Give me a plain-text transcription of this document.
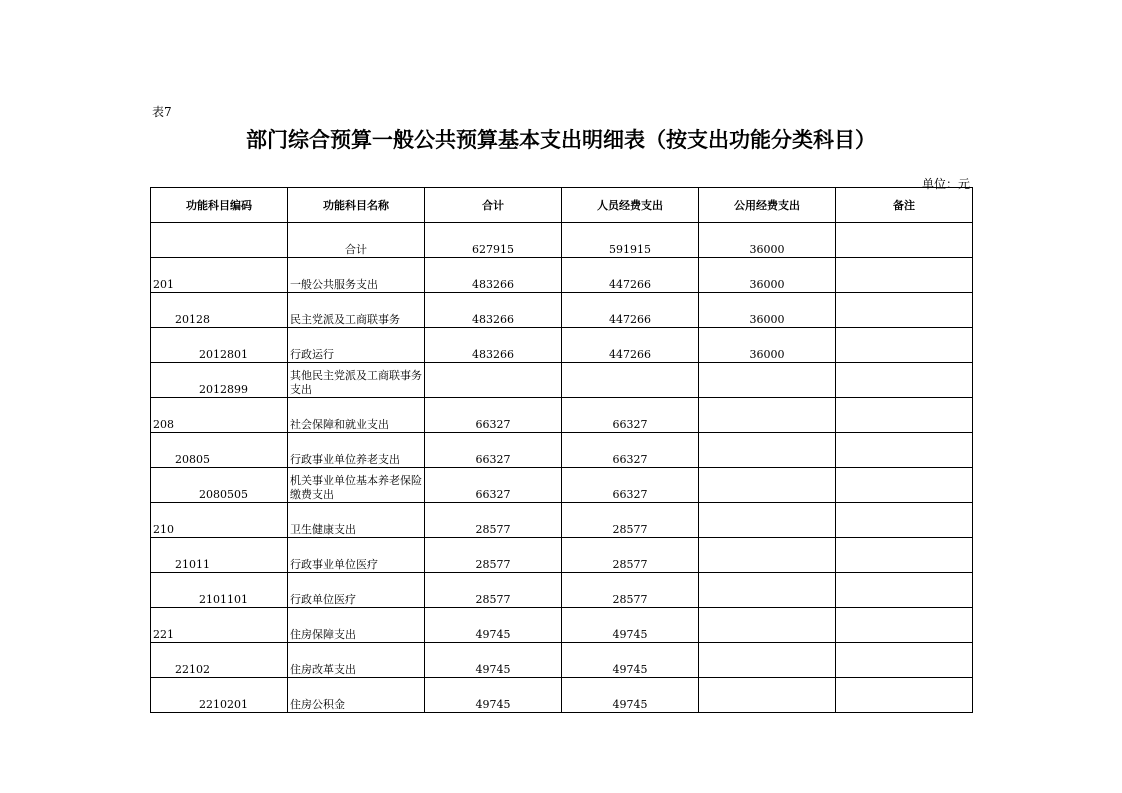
表7
部门综合预算一般公共预算基本支出明细表（按支出功能分类科目）
单位：元
功能科目编码	功能科目名称	合计	人员经费支出	公用经费支出	备注
	合计	627915	591915	36000	
201	一般公共服务支出	483266	447266	36000	
20128	民主党派及工商联事务	483266	447266	36000	
2012801	行政运行	483266	447266	36000	
2012899	其他民主党派及工商联事务支出				
208	社会保障和就业支出	66327	66327		
20805	行政事业单位养老支出	66327	66327		
2080505	机关事业单位基本养老保险缴费支出	66327	66327		
210	卫生健康支出	28577	28577		
21011	行政事业单位医疗	28577	28577		
2101101	行政单位医疗	28577	28577		
221	住房保障支出	49745	49745		
22102	住房改革支出	49745	49745		
2210201	住房公积金	49745	49745		
